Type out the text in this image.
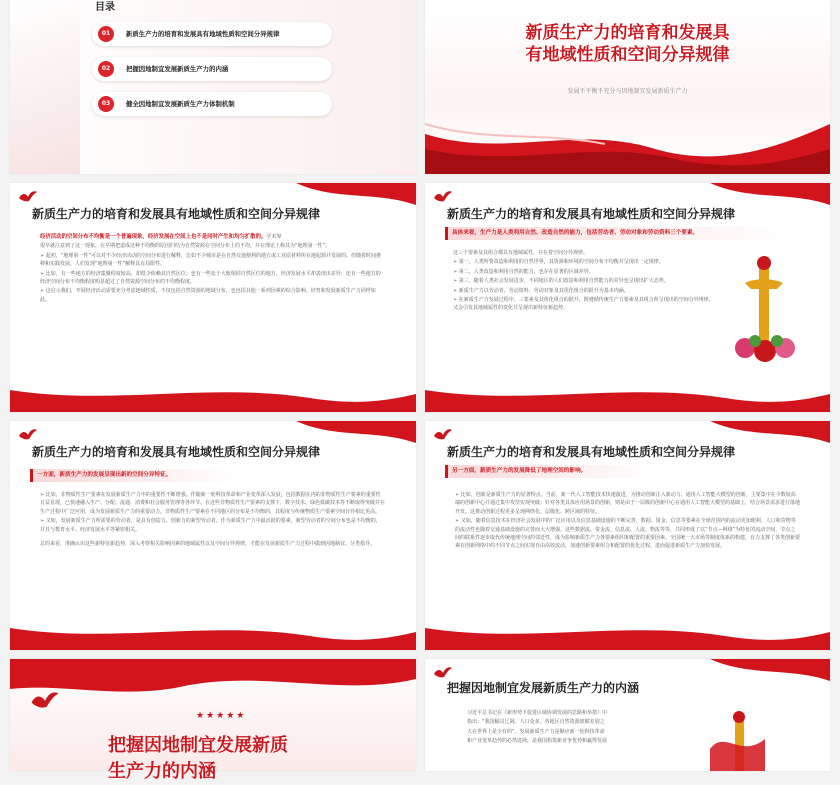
目录
01	新质生产力的培育和发展具有地域性质和空间分异规律
02	把握因地制宜发展新质生产力的内涵
03	健全因地制宜发展新质生产力体制机制
新质生产力的培育和发展具
有地域性质和空间分异规律
发展不平衡不充分与因地制宜发展新质生产力
新质生产力的培育和发展具有地域性质和空间分异规律

经济活动的空间分布不均衡是一个普遍现象，经济发展在空间上也不是同时产生和均匀扩散的。学术界

很早就注意到了这一现象，在早期把造成这种不均衡的原因归结为自然资源在空间分布上的不均，并在理论上称其为“地理第一性”。

➢ 起初，“地理第一性”可以对不少经济活动的空间分布进行解释，比如不少城市是在自然交通便利的地方或工业原材料所在地起源并发展的。但随着时间推移和实践发展，人们发现“地理第一性”解释具有局限性。

➢ 比如，有一些地方的经济集聚程度较高，却很少依赖其自然区位；也有一些处于大致相同自然区位的地方，经济发展水平却表现出差异；还有一些地方的经济空间分布不均衡程度明显超过了自然资源空间分布的不均衡程度。

➢ 这启示我们，开展经济活动需要充分考虑地域性质，不仅包括自然资源的地域分布，也包括其他一系列因素的综合影响。培育和发展新质生产力同样如此。

新质生产力的培育和发展具有地域性质和空间分异规律
具体来看，生产力是人类利用自然、改造自然的能力，包括劳动者、劳动对象和劳动资料三个要素。

这三个要素及其组合都具有地域属性，存在着空间分异规律。

➢ 第一，人类所要改造和利用的自然世界，其资源和环境的空间分布不均衡并呈现出一定规律。

➢ 第二，人类改造和利用自然的能力，也存在显著的区域差异。

➢ 第三，随着人类社会发展进步，不同地区的人们改造和利用自然能力的差异也呈现出扩大态势。

➢ 新质生产力以劳动者、劳动资料、劳动对象及其优化组合的跃升为基本内涵。

➢ 在新质生产力发展过程中，三要素及其优化组合的跃升，既遵循传统生产力要素及其组合所呈现出的空间分异规律，又会引发其地域属性的变化并呈现出新特征新趋势。

新质生产力的培育和发展具有地域性质和空间分异规律
一方面，新质生产力的发展呈现出新的空间分异特征。

➢ 比如，非物质性生产要素在发展新质生产力中的重要性不断增强。伴随新一轮科技革命和产业变革深入发展，包括数据在内的非物质性生产要素的重要性日益显现，已快速融入生产、分配、流通、消费和社会服务管理等各环节。在这些非物质性生产要素的支撑下，数字技术、绿色低碳技术等不断取得突破并在生产过程中广泛应用，成为发展新质生产力的重要动力。非物质性生产要素在不同地区的分布是不均衡的，其程度与传统物质生产要素空间分异相比更高。

➢ 又如，发展新质生产力所需要的劳动者，是具有创造力、创新力的新型劳动者。作为新质生产力中最活跃的要素，新型劳动者的空间分布也是不均衡的，并且与教育水平、经济发展水平等紧密相关。

总的来看，准确认识这些新特征新趋势，深入考察相关影响因素的地域属性以及空间分异规律，才能在发展新质生产力过程中做到因地制宜、分类指导。

新质生产力的培育和发展具有地域性质和空间分异规律
另一方面，新质生产力的发展降低了地理空间的影响。

➢ 比如，创新是新质生产力的显著特点。当前，新一代人工智能技术快速演进，为推动创新注入新动力。通用人工智能大模型的创新，主要集中在少数较高端的创新中心并通过集中攻坚实现突破；针对各类具体应用场景的创新，则是由于一层级的创新中心在通用人工智能大模型的基础上，结合场景需求进行落地开发。这推动创新过程更多呈现网络化、层级化、跨区域的特征。

➢ 又如，随着信息技术在经济社会发展中的广泛应用以及信息基础设施的不断完善，数据、资金、信息等要素在全球范围内的流动更加便利，人口和货物等的流动性也随着交通基础设施的完善而大大增强。这些数据流、资金流、信息流、人流、物流等等，共同形成了以“节点—网络”为特征的流动空间，节点之间的联系性逐步取代传统地理空间的邻近性，成为影响新质生产力各要素组织和配置的重要因素。全国统一大市场等制度体系的构建，有力支撑了各类创新要素在创新网络中的不同节点之间实现自由高效流动，加速创新要素组合和配置的优化过程，进而促进新质生产力加快发展。

★★★★★
把握因地制宜发展新质
生产力的内涵
把握因地制宜发展新质生产力的内涵

习近平总书记在《新形势下促进区域协调发展的思路和举措》中

指出：“我国幅员辽阔、人口众多，各地区自然资源禀赋差别之

大在世界上是少有的”。发展新质生产力是顺应新一轮科技革命

和产业变革趋势的必然选择，是我国构筑新竞争优势和赢得发展
